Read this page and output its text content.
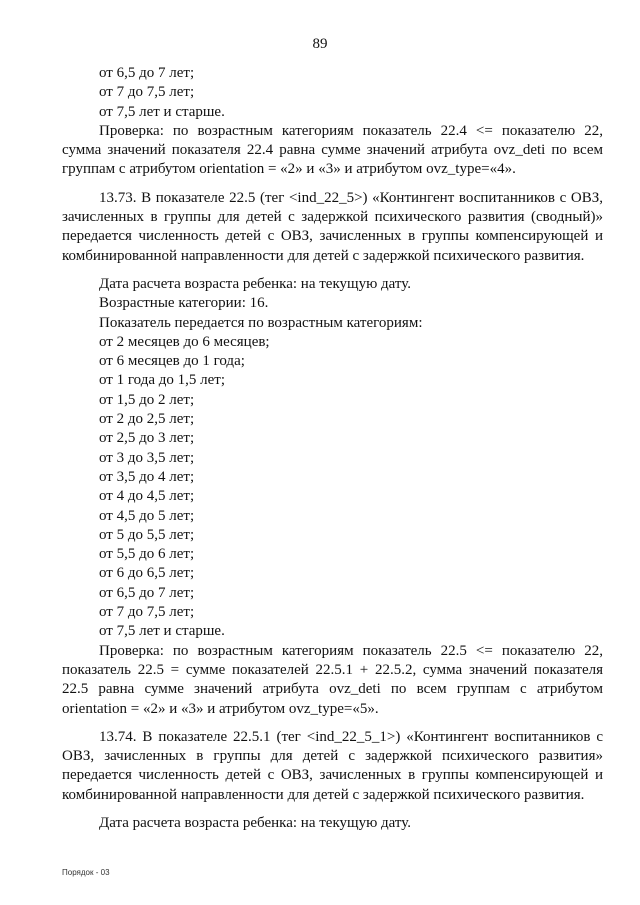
89

от 6,5 до 7 лет;

от 7 до 7,5 лет;

от 7,5 лет и старше.

Проверка: по возрастным категориям показатель 22.4 <= показателю 22, сумма значений показателя 22.4 равна сумме значений атрибута ovz_deti по всем группам с атрибутом orientation = «2» и «3» и атрибутом ovz_type=«4».

13.73. В показателе 22.5 (тег <ind_22_5>) «Контингент воспитанников с ОВЗ, зачисленных в группы для детей с задержкой психического развития (сводный)» передается численность детей с ОВЗ, зачисленных в группы компенсирующей и комбинированной направленности для детей с задержкой психического развития.

Дата расчета возраста ребенка: на текущую дату.

Возрастные категории: 16.

Показатель передается по возрастным категориям:

от 2 месяцев до 6 месяцев;

от 6 месяцев до 1 года;

от 1 года до 1,5 лет;

от 1,5 до 2 лет;

от 2 до 2,5 лет;

от 2,5 до 3 лет;

от 3 до 3,5 лет;

от 3,5 до 4 лет;

от 4 до 4,5 лет;

от 4,5 до 5 лет;

от 5 до 5,5 лет;

от 5,5 до 6 лет;

от 6 до 6,5 лет;

от 6,5 до 7 лет;

от 7 до 7,5 лет;

от 7,5 лет и старше.

Проверка: по возрастным категориям показатель 22.5 <= показателю 22, показатель 22.5 = сумме показателей 22.5.1 + 22.5.2, сумма значений показателя 22.5 равна сумме значений атрибута ovz_deti по всем группам с атрибутом orientation = «2» и «3» и атрибутом ovz_type=«5».

13.74. В показателе 22.5.1 (тег <ind_22_5_1>) «Контингент воспитанников с ОВЗ, зачисленных в группы для детей с задержкой психического развития» передается численность детей с ОВЗ, зачисленных в группы компенсирующей и комбинированной направленности для детей с задержкой психического развития.

Дата расчета возраста ребенка: на текущую дату.

Порядок - 03
